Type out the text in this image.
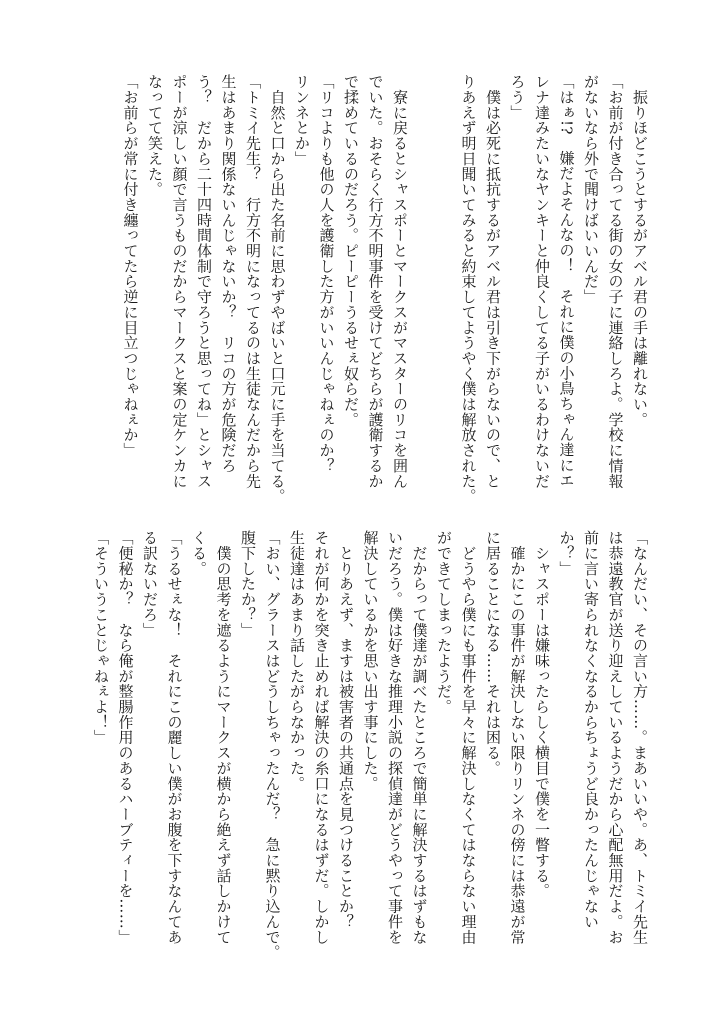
　振りほどこうとするがアベル君の手は離れない。
「お前が付き合ってる街の女の子に連絡しろよ。学校に情報
がないなら外で聞けばいいんだ」
「はぁ!?　嫌だよそんなの！　それに僕の小鳥ちゃん達にエ
レナ達みたいなヤンキーと仲良くしてる子がいるわけないだ
ろう」
　僕は必死に抵抗するがアベル君は引き下がらないので、と
りあえず明日聞いてみると約束してようやく僕は解放された。
　寮に戻るとシャスポーとマークスがマスターのリコを囲ん
でいた。おそらく行方不明事件を受けてどちらが護衛するか
で揉めているのだろう。ピーピーうるせぇ奴らだ。
「リコよりも他の人を護衛した方がいいんじゃねぇのか？
リンネとか」
　自然と口から出た名前に思わずやばいと口元に手を当てる。
「トミイ先生？　行方不明になってるのは生徒なんだから先
生はあまり関係ないんじゃないか？　リコの方が危険だろ
う？　だから二十四時間体制で守ろうと思ってね」とシャス
ポーが涼しい顔で言うものだからマークスと案の定ケンカに
なってて笑えた。
「お前らが常に付き纏ってたら逆に目立つじゃねぇか」
「なんだい、その言い方……。まあいいや。あ、トミイ先生
は恭遠教官が送り迎えしているようだから心配無用だよ。お
前に言い寄られなくなるからちょうど良かったんじゃない
か？」
　シャスポーは嫌味ったらしく横目で僕を一瞥する。
　確かにこの事件が解決しない限りリンネの傍には恭遠が常
に居ることになる……それは困る。
　どうやら僕にも事件を早々に解決しなくてはならない理由
ができてしまったようだ。
　だからって僕達が調べたところで簡単に解決するはずもな
いだろう。僕は好きな推理小説の探偵達がどうやって事件を
解決しているかを思い出す事にした。
　とりあえず、ますは被害者の共通点を見つけることか？
それが何かを突き止めれば解決の糸口になるはずだ。しかし
生徒達はあまり話したがらなかった。
「おい、グラースはどうしちゃったんだ？　急に黙り込んで。
腹下したか？」
　僕の思考を遮るようにマークスが横から絶えず話しかけて
くる。
「うるせぇな！　それにこの麗しい僕がお腹を下すなんてあ
る訳ないだろ」
「便秘か？　なら俺が整腸作用のあるハーブティーを……」
「そういうことじゃねぇよ！」
